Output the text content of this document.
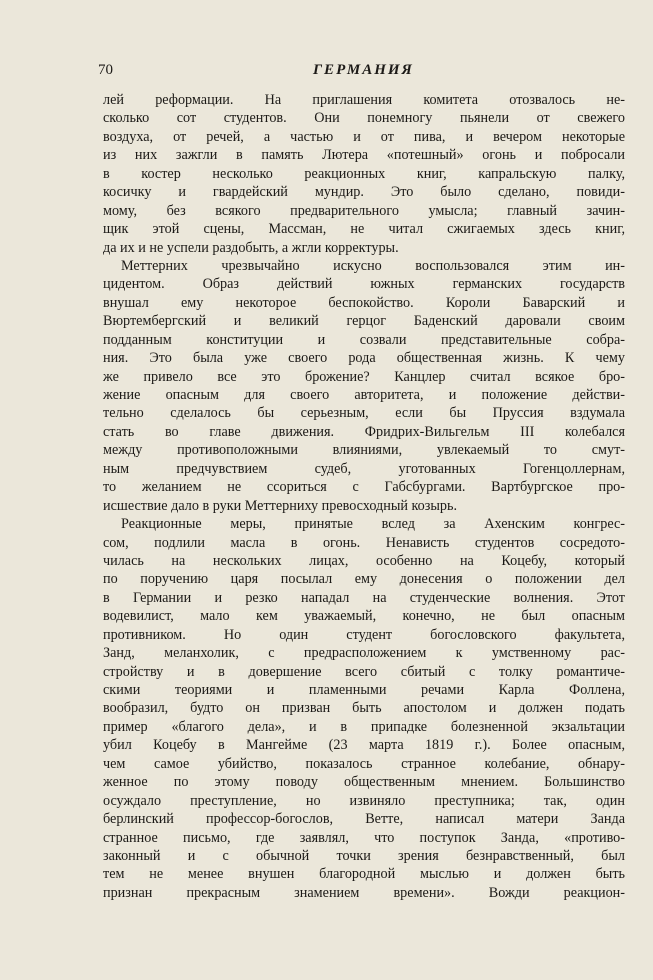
70	ГЕРМАНИЯ
лей реформации. На приглашения комитета отозвалось не-
сколько сот студентов. Они понемногу пьянели от свежего
воздуха, от речей, а частью и от пива, и вечером некоторые
из них зажгли в память Лютера «потешный» огонь и побросали
в костер несколько реакционных книг, капральскую палку,
косичку и гвардейский мундир. Это было сделано, повиди-
мому, без всякого предварительного умысла; главный зачин-
щик этой сцены, Массман, не читал сжигаемых здесь книг,
да их и не успели раздобыть, а жгли корректуры.
Меттерних чрезвычайно искусно воспользовался этим ин-
цидентом. Образ действий южных германских государств
внушал ему некоторое беспокойство. Короли Баварский и
Вюртембергский и великий герцог Баденский даровали своим
подданным конституции и созвали представительные собра-
ния. Это была уже своего рода общественная жизнь. К чему
же привело все это брожение? Канцлер считал всякое бро-
жение опасным для своего авторитета, и положение действи-
тельно сделалось бы серьезным, если бы Пруссия вздумала
стать во главе движения. Фридрих-Вильгельм III колебался
между противоположными влияниями, увлекаемый то смут-
ным предчувствием судеб, уготованных Гогенцоллернам,
то желанием не ссориться с Габсбургами. Вартбургское про-
исшествие дало в руки Меттерниху превосходный козырь.
Реакционные меры, принятые вслед за Ахенским конгрес-
сом, подлили масла в огонь. Ненависть студентов сосредото-
чилась на нескольких лицах, особенно на Коцебу, который
по поручению царя посылал ему донесения о положении дел
в Германии и резко нападал на студенческие волнения. Этот
водевилист, мало кем уважаемый, конечно, не был опасным
противником. Но один студент богословского факультета,
Занд, меланхолик, с предрасположением к умственному рас-
стройству и в довершение всего сбитый с толку романтиче-
скими теориями и пламенными речами Карла Фоллена,
вообразил, будто он призван быть апостолом и должен подать
пример «благого дела», и в припадке болезненной экзальтации
убил Коцебу в Мангейме (23 марта 1819 г.). Более опасным,
чем самое убийство, показалось странное колебание, обнару-
женное по этому поводу общественным мнением. Большинство
осуждало преступление, но извиняло преступника; так, один
берлинский профессор-богослов, Ветте, написал матери Занда
странное письмо, где заявлял, что поступок Занда, «противо-
законный и с обычной точки зрения безнравственный, был
тем не менее внушен благородной мыслью и должен быть
признан прекрасным знамением времени». Вожди реакцион-
